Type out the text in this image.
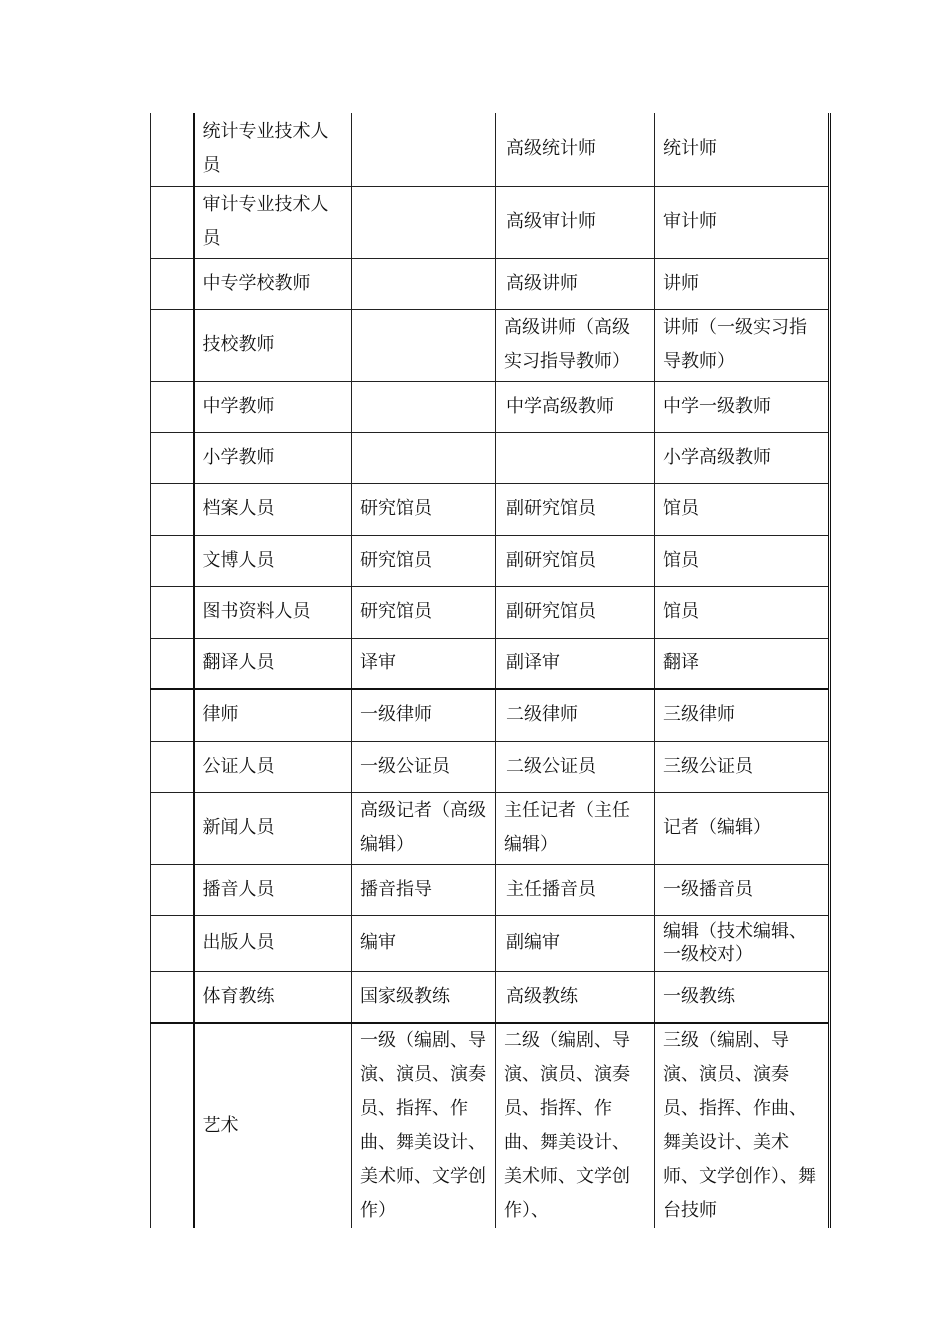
	统计专业技术人员		高级统计师	统计师
	审计专业技术人员		高级审计师	审计师
	中专学校教师		高级讲师	讲师
	技校教师		高级讲师（高级实习指导教师）	讲师（一级实习指导教师）
	中学教师		中学高级教师	中学一级教师
	小学教师			小学高级教师
	档案人员	研究馆员	副研究馆员	馆员
	文博人员	研究馆员	副研究馆员	馆员
	图书资料人员	研究馆员	副研究馆员	馆员
	翻译人员	译审	副译审	翻译
	律师	一级律师	二级律师	三级律师
	公证人员	一级公证员	二级公证员	三级公证员
	新闻人员	高级记者（高级编辑）	主任记者（主任编辑）	记者（编辑）
	播音人员	播音指导	主任播音员	一级播音员
	出版人员	编审	副编审	编辑（技术编辑、一级校对）
	体育教练	国家级教练	高级教练	一级教练
	艺术	一级（编剧、导演、演员、演奏员、指挥、作曲、舞美设计、美术师、文学创作）	二级（编剧、导演、演员、演奏员、指挥、作曲、舞美设计、美术师、文学创作）、	三级（编剧、导演、演员、演奏员、指挥、作曲、舞美设计、美术师、文学创作）、舞台技师
